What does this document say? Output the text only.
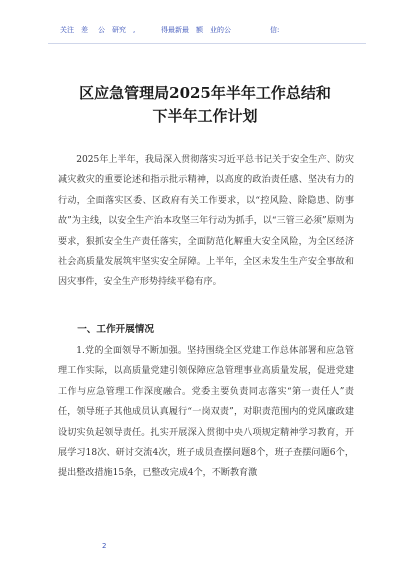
关注　差 公　研究　,	得最新最　额　业的公	信:
区应急管理局2025年半年工作总结和
下半年工作计划

2025年上半年，我局深入贯彻落实习近平总书记关于安全生产、防灾减灾救灾的重要论述和指示批示精神，以高度的政治责任感、坚决有力的行动，全面落实区委、区政府有关工作要求，以“控风险、除隐患、防事故”为主线，以安全生产治本攻坚三年行动为抓手，以“三管三必须”原则为要求，狠抓安全生产责任落实，全面防范化解重大安全风险，为全区经济社会高质量发展筑牢坚实安全屏障。上半年，全区未发生生产安全事故和因灾事件，安全生产形势持续平稳有序。

一、工作开展情况

1.党的全面领导不断加强。坚持围绕全区党建工作总体部署和应急管理工作实际，以高质量党建引领保障应急管理事业高质量发展，促进党建工作与应急管理工作深度融合。党委主要负责同志落实“第一责任人”责任，领导班子其他成员认真履行“一岗双责”，对职责范围内的党风廉政建设切实负起领导责任。扎实开展深入贯彻中央八项规定精神学习教育，开展学习18次、研讨交流4次，班子成员查摆问题8个，班子查摆问题6个，提出整改措施15条，已整改完成4个，不断教育激

2
